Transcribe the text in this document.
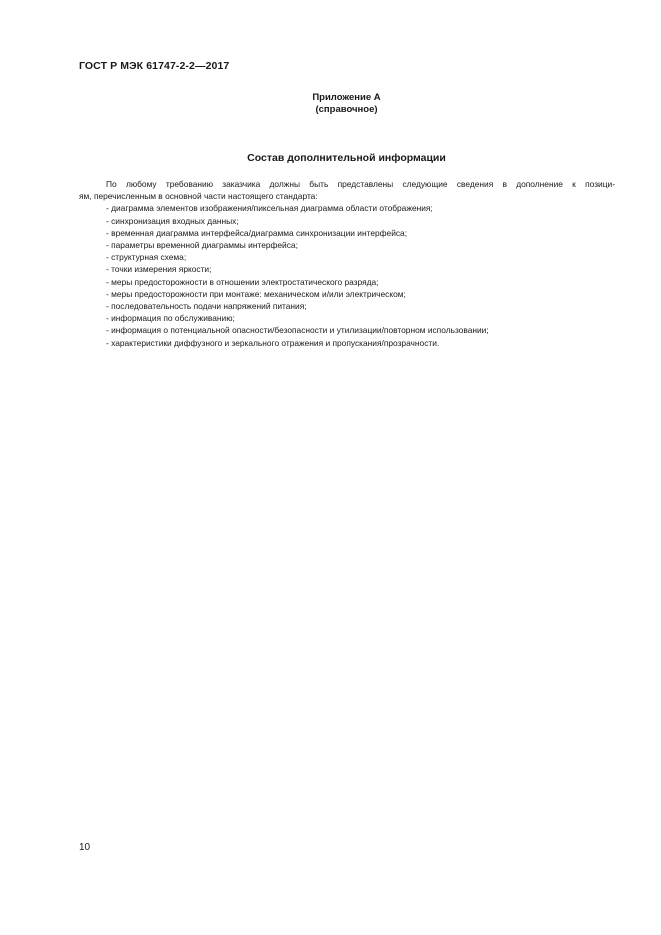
ГОСТ Р МЭК 61747-2-2—2017
Приложение А
(справочное)
Состав дополнительной информации
По любому требованию заказчика должны быть представлены следующие сведения в дополнение к позици-
ям, перечисленным в основной части настоящего стандарта:
- диаграмма элементов изображения/пиксельная диаграмма области отображения;
- синхронизация входных данных;
- временная диаграмма интерфейса/диаграмма синхронизации интерфейса;
- параметры временной диаграммы интерфейса;
- структурная схема;
- точки измерения яркости;
- меры предосторожности в отношении электростатического разряда;
- меры предосторожности при монтаже: механическом и/или электрическом;
- последовательность подачи напряжений питания;
- информация по обслуживанию;
- информация о потенциальной опасности/безопасности и утилизации/повторном использовании;
- характеристики диффузного и зеркального отражения и пропускания/прозрачности.
10
